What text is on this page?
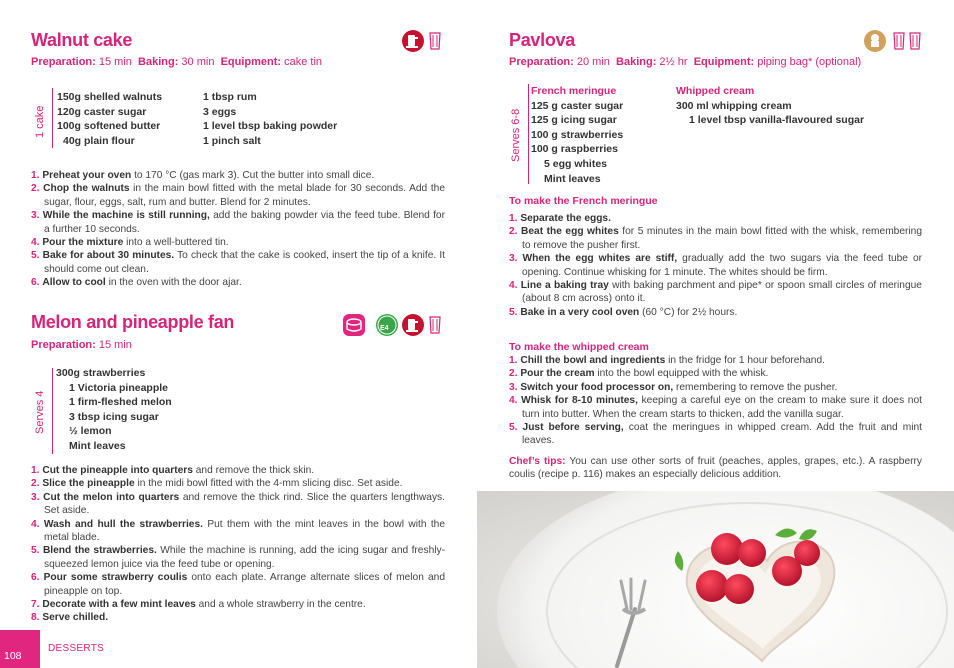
Walnut cake
Preparation: 15 min Baking: 30 min Equipment: cake tin
1 cake
150g shelled walnuts
120g caster sugar
100g softened butter
40g plain flour
1 tbsp rum
3 eggs
1 level tbsp baking powder
1 pinch salt
1. Preheat your oven to 170 °C (gas mark 3). Cut the butter into small dice.
2. Chop the walnuts in the main bowl fitted with the metal blade for 30 seconds. Add the sugar, flour, eggs, salt, rum and butter. Blend for 2 minutes.
3. While the machine is still running, add the baking powder via the feed tube. Blend for a further 10 seconds.
4. Pour the mixture into a well-buttered tin.
5. Bake for about 30 minutes. To check that the cake is cooked, insert the tip of a knife. It should come out clean.
6. Allow to cool in the oven with the door ajar.
Melon and pineapple fan	E4
Preparation: 15 min
Serves 4
300g strawberries
1 Victoria pineapple
1 firm-fleshed melon
3 tbsp icing sugar
½ lemon
Mint leaves
1. Cut the pineapple into quarters and remove the thick skin.
2. Slice the pineapple in the midi bowl fitted with the 4-mm slicing disc. Set aside.
3. Cut the melon into quarters and remove the thick rind. Slice the quarters lengthways. Set aside.
4. Wash and hull the strawberries. Put them with the mint leaves in the bowl with the metal blade.
5. Blend the strawberries. While the machine is running, add the icing sugar and freshly-squeezed lemon juice via the feed tube or opening.
6. Pour some strawberry coulis onto each plate. Arrange alternate slices of melon and pineapple on top.
7. Decorate with a few mint leaves and a whole strawberry in the centre.
8. Serve chilled.
108
DESSERTS
Pavlova
Preparation: 20 min Baking: 2½ hr Equipment: piping bag* (optional)
Serves 6-8
French meringue
125 g caster sugar
125 g icing sugar
100 g strawberries
100 g raspberries
5 egg whites
Mint leaves
Whipped cream
300 ml whipping cream
1 level tbsp vanilla-flavoured sugar
To make the French meringue
1. Separate the eggs.
2. Beat the egg whites for 5 minutes in the main bowl fitted with the whisk, remembering to remove the pusher first.
3. When the egg whites are stiff, gradually add the two sugars via the feed tube or opening. Continue whisking for 1 minute. The whites should be firm.
4. Line a baking tray with baking parchment and pipe* or spoon small circles of meringue (about 8 cm across) onto it.
5. Bake in a very cool oven (60 °C) for 2½ hours.
To make the whipped cream
1. Chill the bowl and ingredients in the fridge for 1 hour beforehand.
2. Pour the cream into the bowl equipped with the whisk.
3. Switch your food processor on, remembering to remove the pusher.
4. Whisk for 8-10 minutes, keeping a careful eye on the cream to make sure it does not turn into butter. When the cream starts to thicken, add the vanilla sugar.
5. Just before serving, coat the meringues in whipped cream. Add the fruit and mint leaves.
Chef’s tips: You can use other sorts of fruit (peaches, apples, grapes, etc.). A raspberry coulis (recipe p. 116) makes an especially delicious addition.
